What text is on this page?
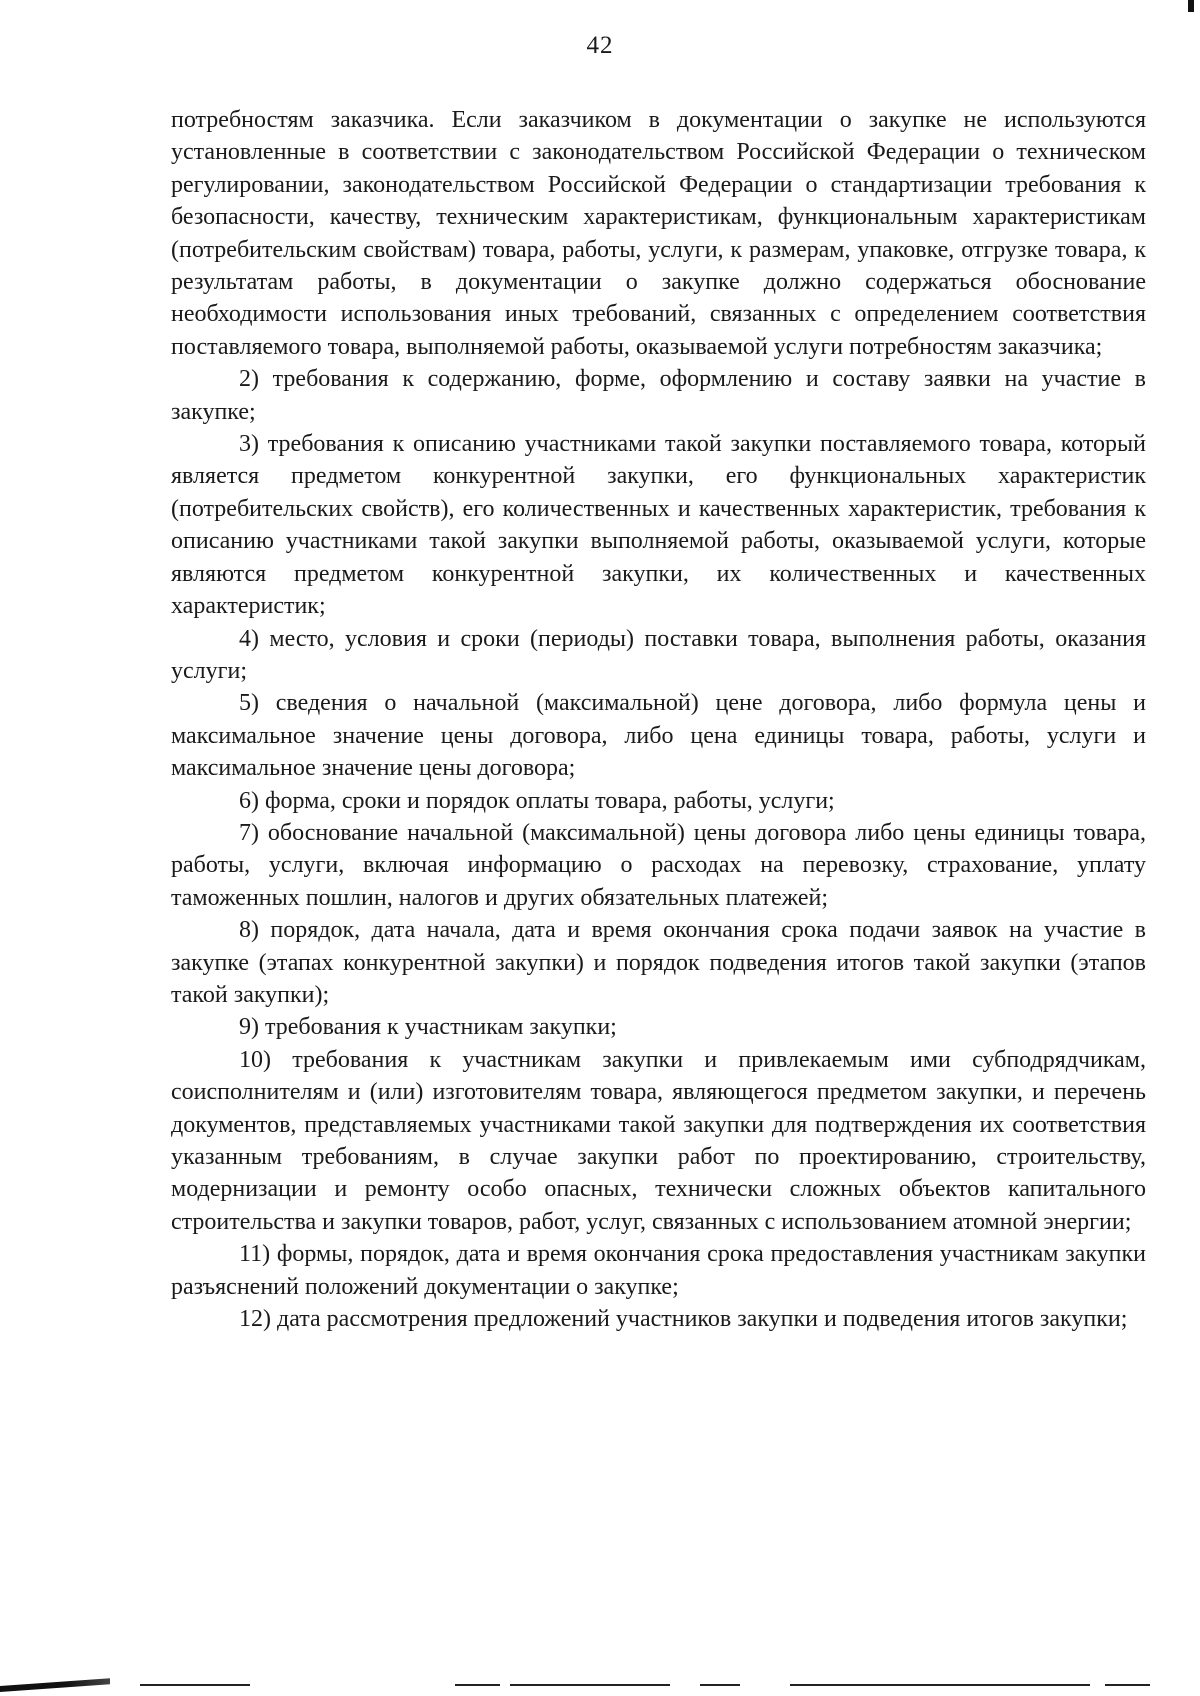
42

потребностям заказчика. Если заказчиком в документации о закупке не используются установленные в соответствии с законодательством Российской Федерации о техническом регулировании, законодательством Российской Федерации о стандартизации требования к безопасности, качеству, техническим характеристикам, функциональным характеристикам (потребительским свойствам) товара, работы, услуги, к размерам, упаковке, отгрузке товара, к результатам работы, в документации о закупке должно содержаться обоснование необходимости использования иных требований, связанных с определением соответствия поставляемого товара, выполняемой работы, оказываемой услуги потребностям заказчика;

2) требования к содержанию, форме, оформлению и составу заявки на участие в закупке;

3) требования к описанию участниками такой закупки поставляемого товара, который является предметом конкурентной закупки, его функциональных характеристик (потребительских свойств), его количественных и качественных характеристик, требования к описанию участниками такой закупки выполняемой работы, оказываемой услуги, которые являются предметом конкурентной закупки, их количественных и качественных характеристик;

4) место, условия и сроки (периоды) поставки товара, выполнения работы, оказания услуги;

5) сведения о начальной (максимальной) цене договора, либо формула цены и максимальное значение цены договора, либо цена единицы товара, работы, услуги и максимальное значение цены договора;

6) форма, сроки и порядок оплаты товара, работы, услуги;

7) обоснование начальной (максимальной) цены договора либо цены единицы товара, работы, услуги, включая информацию о расходах на перевозку, страхование, уплату таможенных пошлин, налогов и других обязательных платежей;

8) порядок, дата начала, дата и время окончания срока подачи заявок на участие в закупке (этапах конкурентной закупки) и порядок подведения итогов такой закупки (этапов такой закупки);

9) требования к участникам закупки;

10) требования к участникам закупки и привлекаемым ими субподрядчикам, соисполнителям и (или) изготовителям товара, являющегося предметом закупки, и перечень документов, представляемых участниками такой закупки для подтверждения их соответствия указанным требованиям, в случае закупки работ по проектированию, строительству, модернизации и ремонту особо опасных, технически сложных объектов капитального строительства и закупки товаров, работ, услуг, связанных с использованием атомной энергии;

11) формы, порядок, дата и время окончания срока предоставления участникам закупки разъяснений положений документации о закупке;

12) дата рассмотрения предложений участников закупки и подведения итогов закупки;
